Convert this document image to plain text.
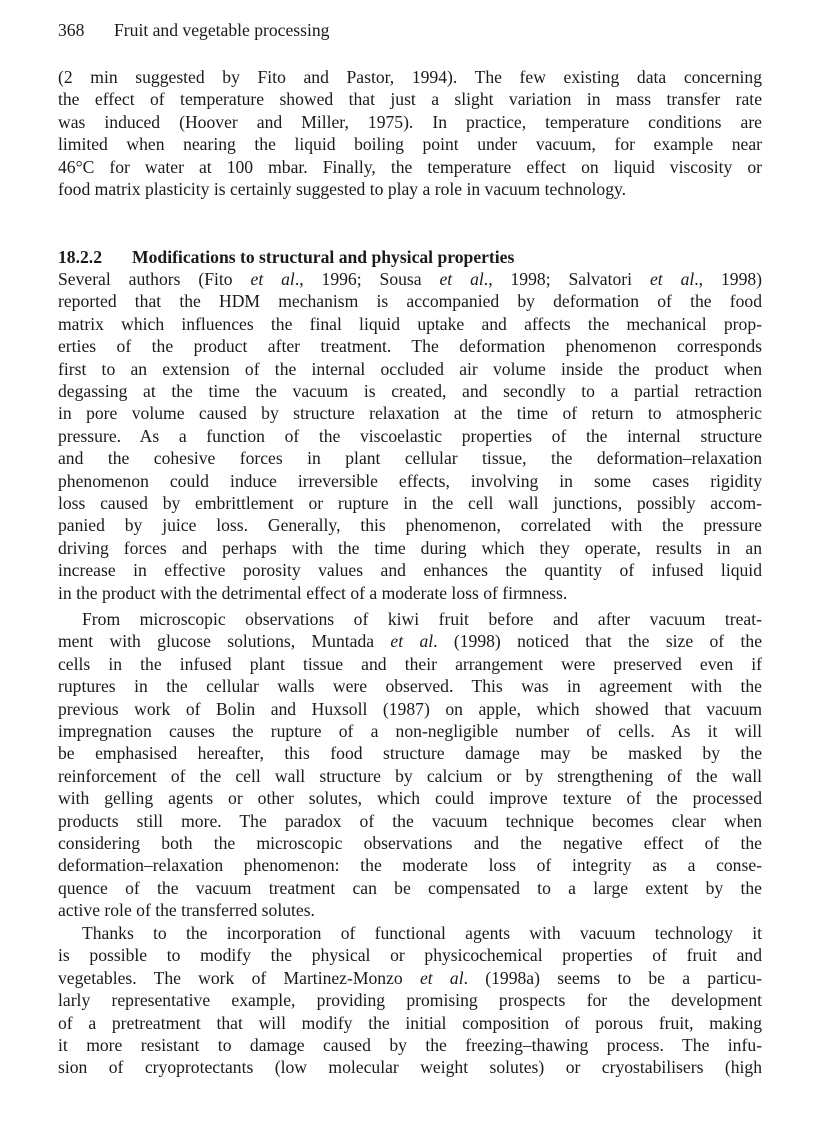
368 Fruit and vegetable processing

(2 min suggested by Fito and Pastor, 1994). The few existing data concerning
the effect of temperature showed that just a slight variation in mass transfer rate
was induced (Hoover and Miller, 1975). In practice, temperature conditions are
limited when nearing the liquid boiling point under vacuum, for example near
46°C for water at 100 mbar. Finally, the temperature effect on liquid viscosity or
food matrix plasticity is certainly suggested to play a role in vacuum technology.

18.2.2 Modifications to structural and physical properties

Several authors (Fito et al., 1996; Sousa et al., 1998; Salvatori et al., 1998)
reported that the HDM mechanism is accompanied by deformation of the food
matrix which influences the final liquid uptake and affects the mechanical prop-
erties of the product after treatment. The deformation phenomenon corresponds
first to an extension of the internal occluded air volume inside the product when
degassing at the time the vacuum is created, and secondly to a partial retraction
in pore volume caused by structure relaxation at the time of return to atmospheric
pressure. As a function of the viscoelastic properties of the internal structure
and the cohesive forces in plant cellular tissue, the deformation–relaxation
phenomenon could induce irreversible effects, involving in some cases rigidity
loss caused by embrittlement or rupture in the cell wall junctions, possibly accom-
panied by juice loss. Generally, this phenomenon, correlated with the pressure
driving forces and perhaps with the time during which they operate, results in an
increase in effective porosity values and enhances the quantity of infused liquid
in the product with the detrimental effect of a moderate loss of firmness.

From microscopic observations of kiwi fruit before and after vacuum treat-
ment with glucose solutions, Muntada et al. (1998) noticed that the size of the
cells in the infused plant tissue and their arrangement were preserved even if
ruptures in the cellular walls were observed. This was in agreement with the
previous work of Bolin and Huxsoll (1987) on apple, which showed that vacuum
impregnation causes the rupture of a non-negligible number of cells. As it will
be emphasised hereafter, this food structure damage may be masked by the
reinforcement of the cell wall structure by calcium or by strengthening of the wall
with gelling agents or other solutes, which could improve texture of the processed
products still more. The paradox of the vacuum technique becomes clear when
considering both the microscopic observations and the negative effect of the
deformation–relaxation phenomenon: the moderate loss of integrity as a conse-
quence of the vacuum treatment can be compensated to a large extent by the
active role of the transferred solutes.

Thanks to the incorporation of functional agents with vacuum technology it
is possible to modify the physical or physicochemical properties of fruit and
vegetables. The work of Martinez-Monzo et al. (1998a) seems to be a particu-
larly representative example, providing promising prospects for the development
of a pretreatment that will modify the initial composition of porous fruit, making
it more resistant to damage caused by the freezing–thawing process. The infu-
sion of cryoprotectants (low molecular weight solutes) or cryostabilisers (high
